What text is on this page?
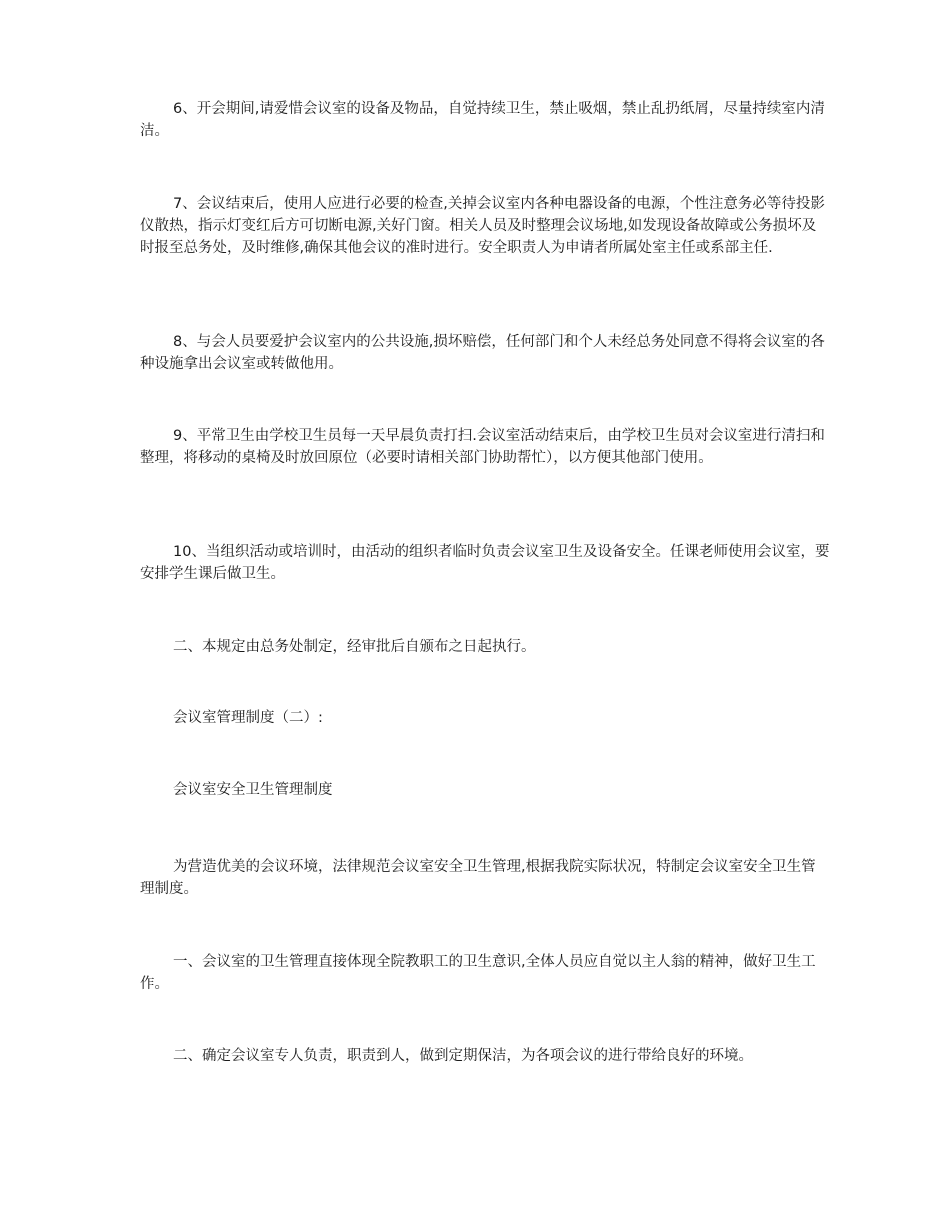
6、开会期间,请爱惜会议室的设备及物品，自觉持续卫生，禁止吸烟，禁止乱扔纸屑，尽量持续室内清洁。

7、会议结束后，使用人应进行必要的检查,关掉会议室内各种电器设备的电源，个性注意务必等待投影仪散热，指示灯变红后方可切断电源,关好门窗。相关人员及时整理会议场地,如发现设备故障或公务损坏及时报至总务处，及时维修,确保其他会议的准时进行。安全职责人为申请者所属处室主任或系部主任.

8、与会人员要爱护会议室内的公共设施,损坏赔偿，任何部门和个人未经总务处同意不得将会议室的各种设施拿出会议室或转做他用。

9、平常卫生由学校卫生员每一天早晨负责打扫.会议室活动结束后，由学校卫生员对会议室进行清扫和整理，将移动的桌椅及时放回原位（必要时请相关部门协助帮忙），以方便其他部门使用。

10、当组织活动或培训时，由活动的组织者临时负责会议室卫生及设备安全。任课老师使用会议室，要安排学生课后做卫生。

二、本规定由总务处制定，经审批后自颁布之日起执行。

会议室管理制度（二）:

会议室安全卫生管理制度

为营造优美的会议环境，法律规范会议室安全卫生管理,根据我院实际状况，特制定会议室安全卫生管理制度。

一、会议室的卫生管理直接体现全院教职工的卫生意识,全体人员应自觉以主人翁的精神，做好卫生工作。

二、确定会议室专人负责，职责到人，做到定期保洁，为各项会议的进行带给良好的环境。
